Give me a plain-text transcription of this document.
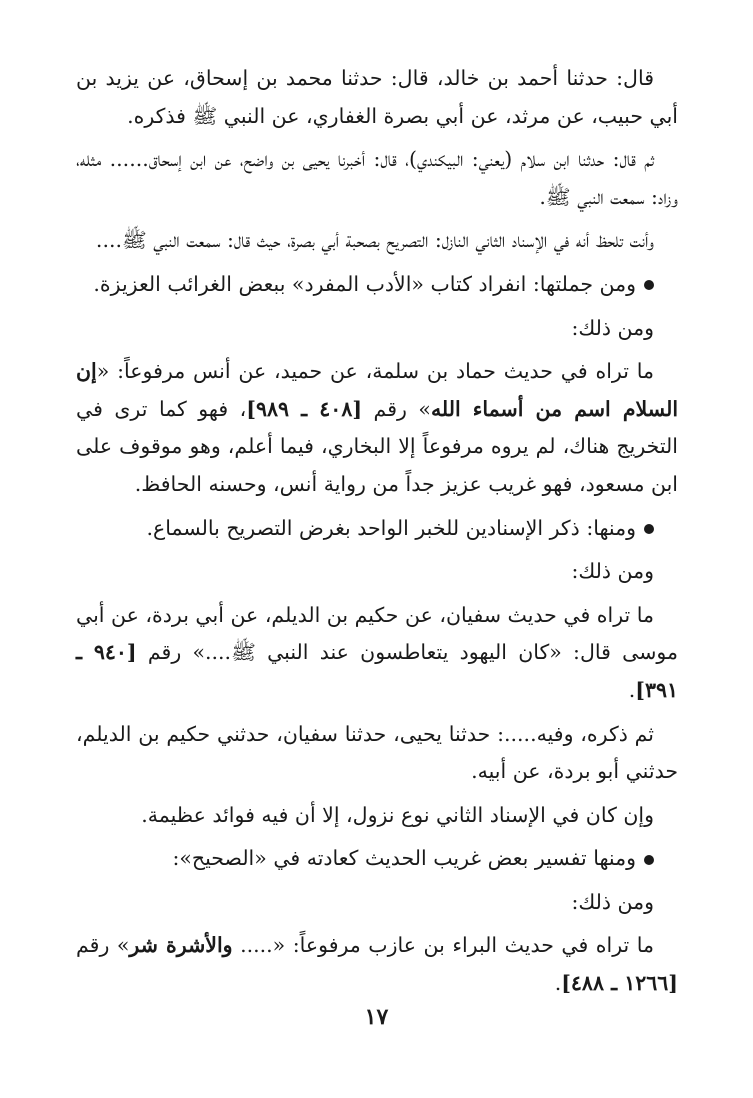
قال: حدثنا أحمد بن خالد، قال: حدثنا محمد بن إسحاق، عن يزيد بن أبي حبيب، عن مرثد، عن أبي بصرة الغفاري، عن النبي ﷺ فذكره.

ثم قال: حدثنا ابن سلام (يعني: البيكندي)، قال: أخبرنا يحيى بن واضح، عن ابن إسحاق...... مثله، وزاد: سمعت النبي ﷺ.

وأنت تلحظ أنه في الإسناد الثاني النازل: التصريح بصحبة أبي بصرة، حيث قال: سمعت النبي ﷺ....

ومن جملتها: انفراد كتاب «الأدب المفرد» ببعض الغرائب العزيزة.

ومن ذلك:

ما تراه في حديث حماد بن سلمة، عن حميد، عن أنس مرفوعاً: «إن السلام اسم من أسماء الله» رقم [٤٠٨ ـ ٩٨٩]، فهو كما ترى في التخريج هناك، لم يروه مرفوعاً إلا البخاري، فيما أعلم، وهو موقوف على ابن مسعود، فهو غريب عزيز جداً من رواية أنس، وحسنه الحافظ.

ومنها: ذكر الإسنادين للخبر الواحد بغرض التصريح بالسماع.

ومن ذلك:

ما تراه في حديث سفيان، عن حكيم بن الديلم، عن أبي بردة، عن أبي موسى قال: «كان اليهود يتعاطسون عند النبي ﷺ....» رقم [٩٤٠ ـ ٣٩١].

ثم ذكره، وفيه.....: حدثنا يحيى، حدثنا سفيان، حدثني حكيم بن الديلم، حدثني أبو بردة، عن أبيه.

وإن كان في الإسناد الثاني نوع نزول، إلا أن فيه فوائد عظيمة.

ومنها تفسير بعض غريب الحديث كعادته في «الصحيح»:

ومن ذلك:

ما تراه في حديث البراء بن عازب مرفوعاً: «..... والأشرة شر» رقم [١٢٦٦ ـ ٤٨٨].

١٧
